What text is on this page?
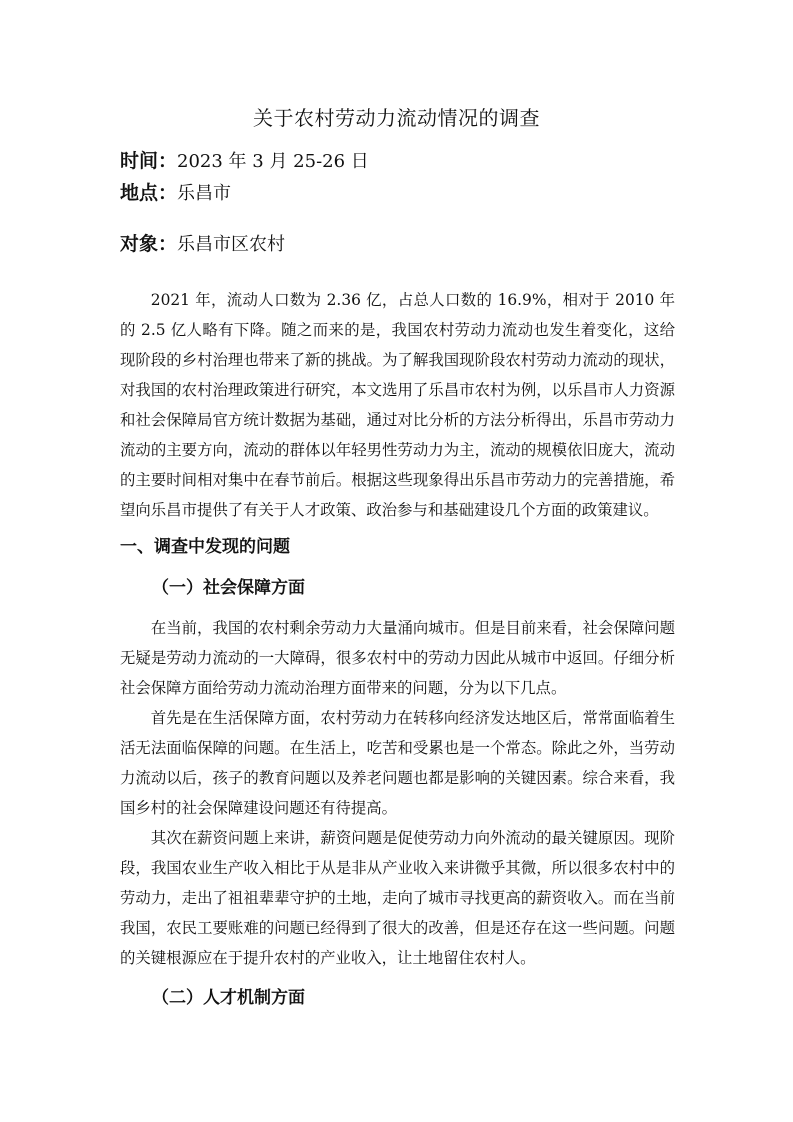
关于农村劳动力流动情况的调查
时间：2023 年 3 月 25-26 日
地点：乐昌市
对象：乐昌市区农村
2021 年，流动人口数为 2.36 亿，占总人口数的 16.9%，相对于 2010 年的 2.5 亿人略有下降。随之而来的是，我国农村劳动力流动也发生着变化，这给现阶段的乡村治理也带来了新的挑战。为了解我国现阶段农村劳动力流动的现状，对我国的农村治理政策进行研究，本文选用了乐昌市农村为例，以乐昌市人力资源和社会保障局官方统计数据为基础，通过对比分析的方法分析得出，乐昌市劳动力流动的主要方向，流动的群体以年轻男性劳动力为主，流动的规模依旧庞大，流动的主要时间相对集中在春节前后。根据这些现象得出乐昌市劳动力的完善措施，希望向乐昌市提供了有关于人才政策、政治参与和基础建设几个方面的政策建议。
一、调查中发现的问题
（一）社会保障方面
在当前，我国的农村剩余劳动力大量涌向城市。但是目前来看，社会保障问题无疑是劳动力流动的一大障碍，很多农村中的劳动力因此从城市中返回。仔细分析社会保障方面给劳动力流动治理方面带来的问题，分为以下几点。
首先是在生活保障方面，农村劳动力在转移向经济发达地区后，常常面临着生活无法面临保障的问题。在生活上，吃苦和受累也是一个常态。除此之外，当劳动力流动以后，孩子的教育问题以及养老问题也都是影响的关键因素。综合来看，我国乡村的社会保障建设问题还有待提高。
其次在薪资问题上来讲，薪资问题是促使劳动力向外流动的最关键原因。现阶段，我国农业生产收入相比于从是非从产业收入来讲微乎其微，所以很多农村中的劳动力，走出了祖祖辈辈守护的土地，走向了城市寻找更高的薪资收入。而在当前我国，农民工要账难的问题已经得到了很大的改善，但是还存在这一些问题。问题的关键根源应在于提升农村的产业收入，让土地留住农村人。
（二）人才机制方面
